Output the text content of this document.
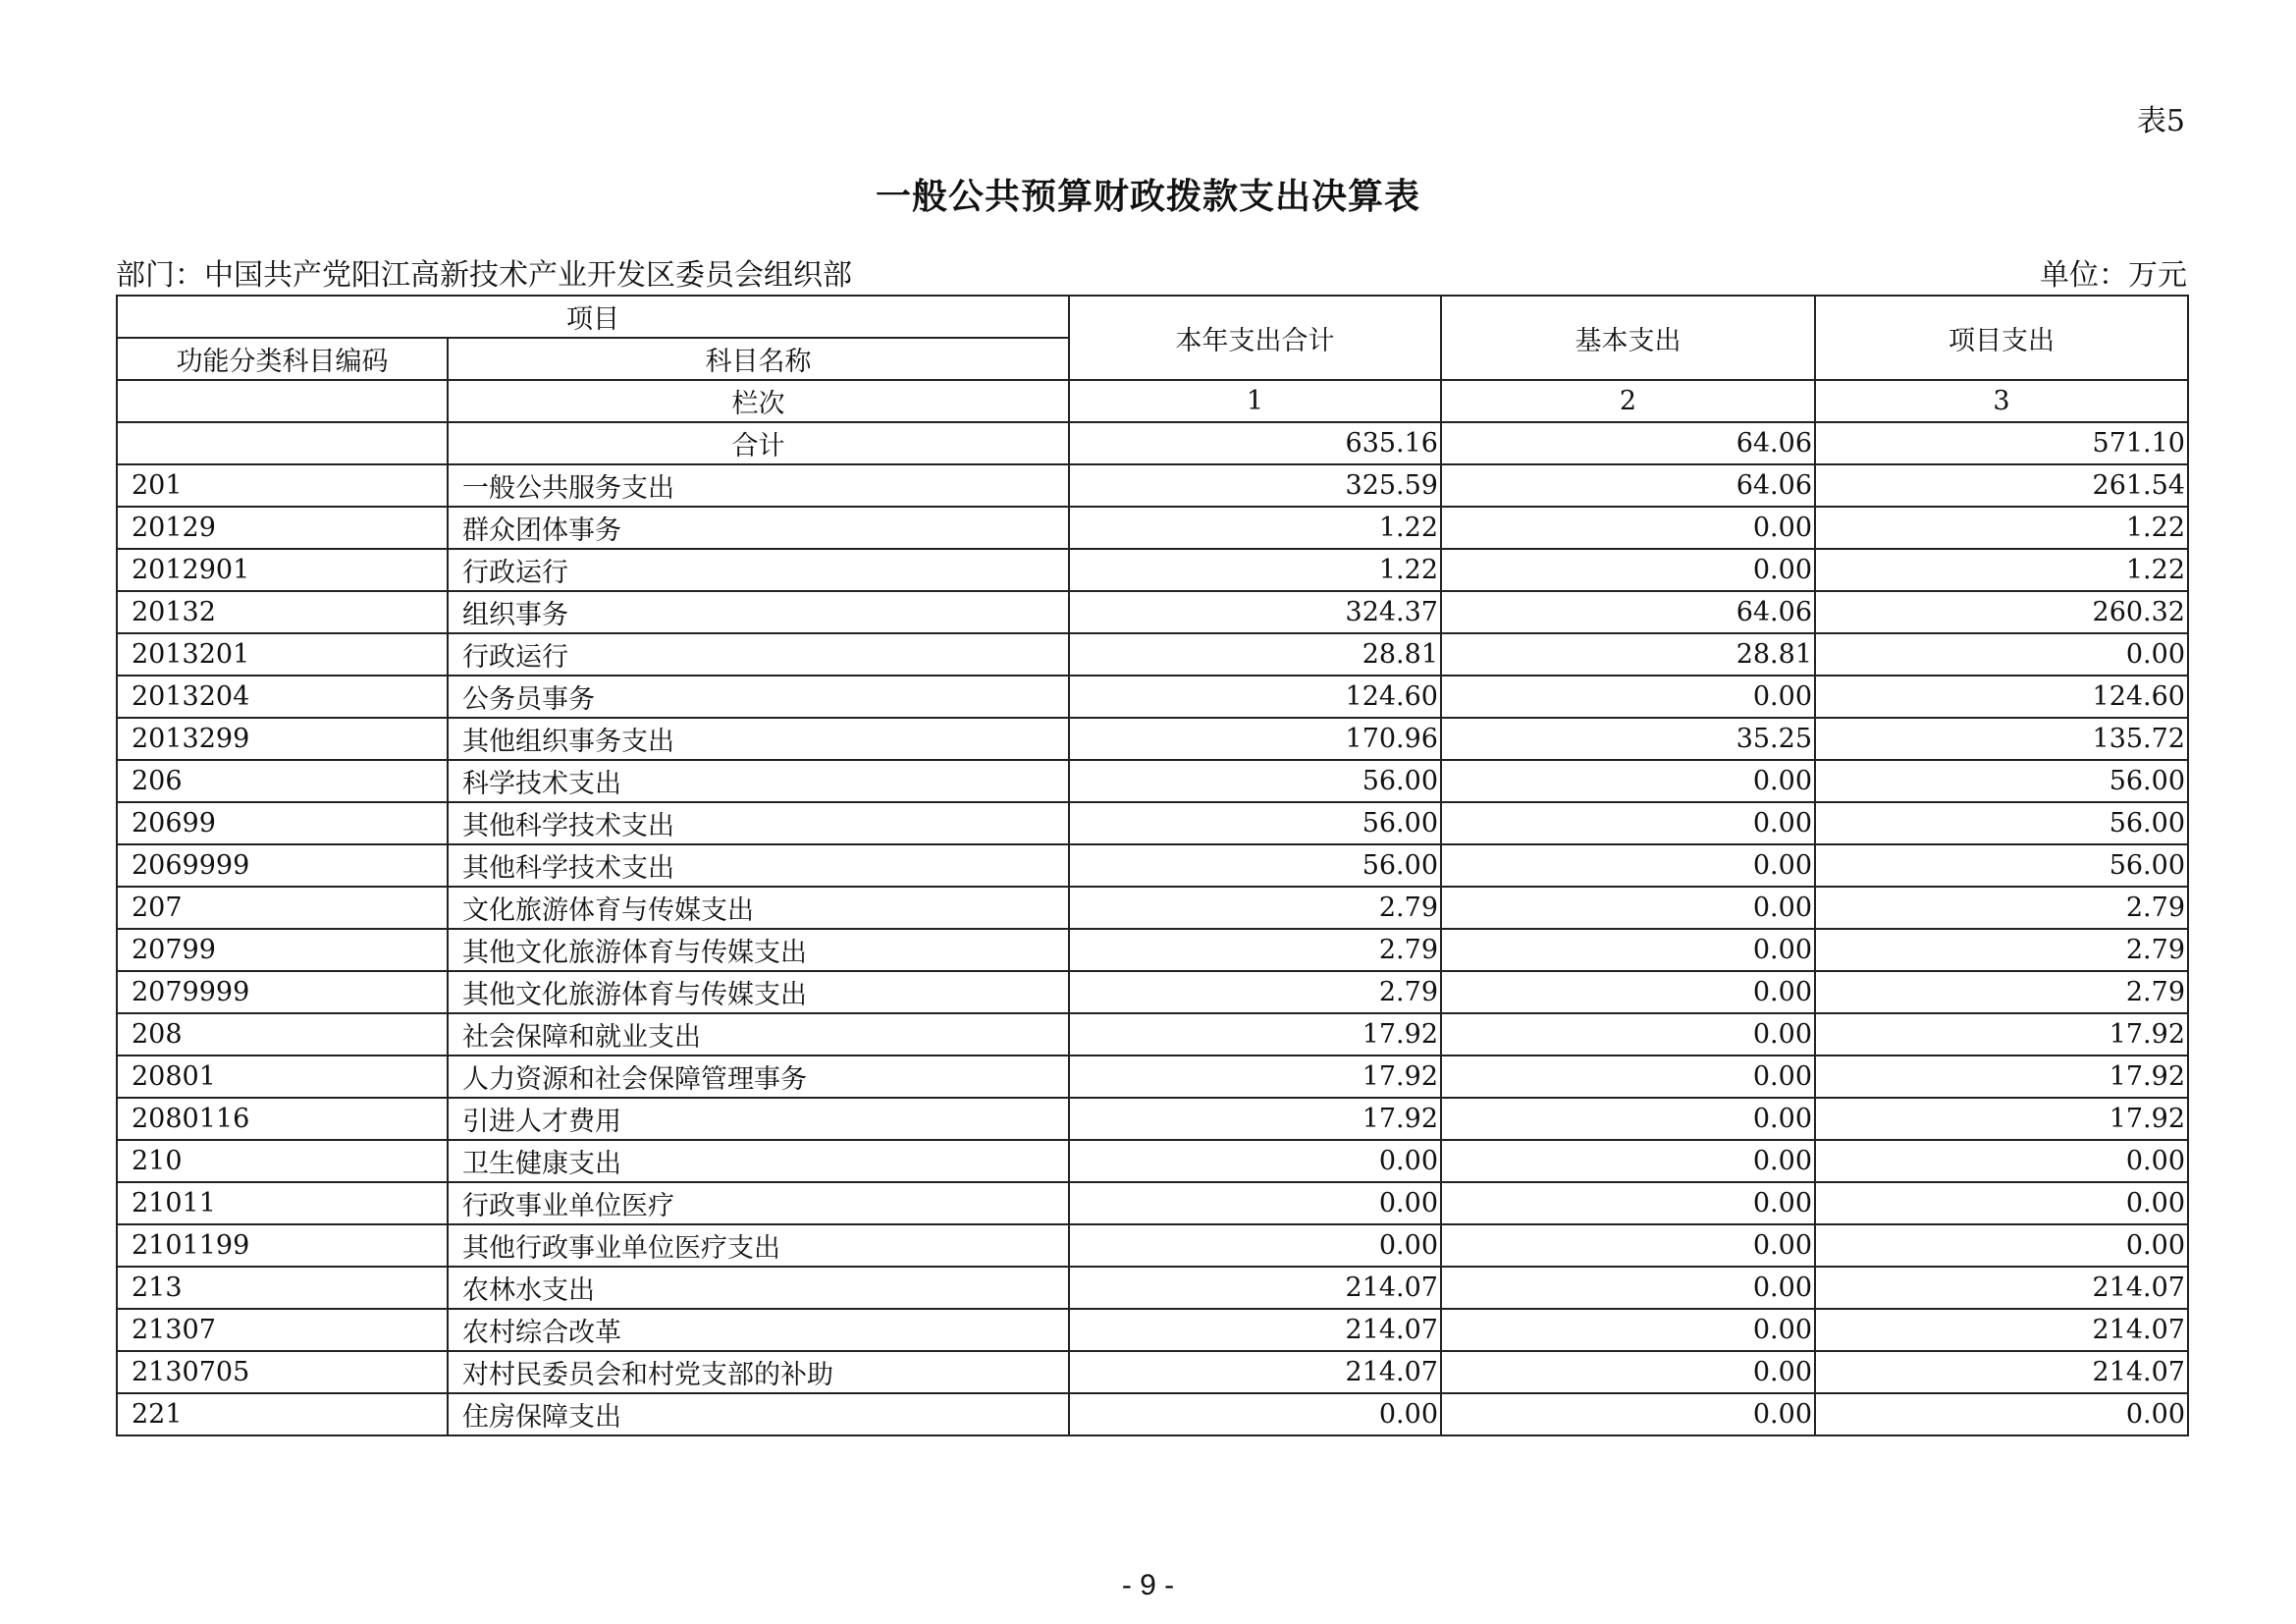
表5
一般公共预算财政拨款支出决算表
部门：中国共产党阳江高新技术产业开发区委员会组织部	单位：万元
项目		本年支出合计	基本支出	项目支出
功能分类科目编码	科目名称			
	栏次	1	2	3
	合计	635.16	64.06	571.10
201	一般公共服务支出	325.59	64.06	261.54
20129	群众团体事务	1.22	0.00	1.22
2012901	行政运行	1.22	0.00	1.22
20132	组织事务	324.37	64.06	260.32
2013201	行政运行	28.81	28.81	0.00
2013204	公务员事务	124.60	0.00	124.60
2013299	其他组织事务支出	170.96	35.25	135.72
206	科学技术支出	56.00	0.00	56.00
20699	其他科学技术支出	56.00	0.00	56.00
2069999	其他科学技术支出	56.00	0.00	56.00
207	文化旅游体育与传媒支出	2.79	0.00	2.79
20799	其他文化旅游体育与传媒支出	2.79	0.00	2.79
2079999	其他文化旅游体育与传媒支出	2.79	0.00	2.79
208	社会保障和就业支出	17.92	0.00	17.92
20801	人力资源和社会保障管理事务	17.92	0.00	17.92
2080116	引进人才费用	17.92	0.00	17.92
210	卫生健康支出	0.00	0.00	0.00
21011	行政事业单位医疗	0.00	0.00	0.00
2101199	其他行政事业单位医疗支出	0.00	0.00	0.00
213	农林水支出	214.07	0.00	214.07
21307	农村综合改革	214.07	0.00	214.07
2130705	对村民委员会和村党支部的补助	214.07	0.00	214.07
221	住房保障支出	0.00	0.00	0.00
- 9 -
